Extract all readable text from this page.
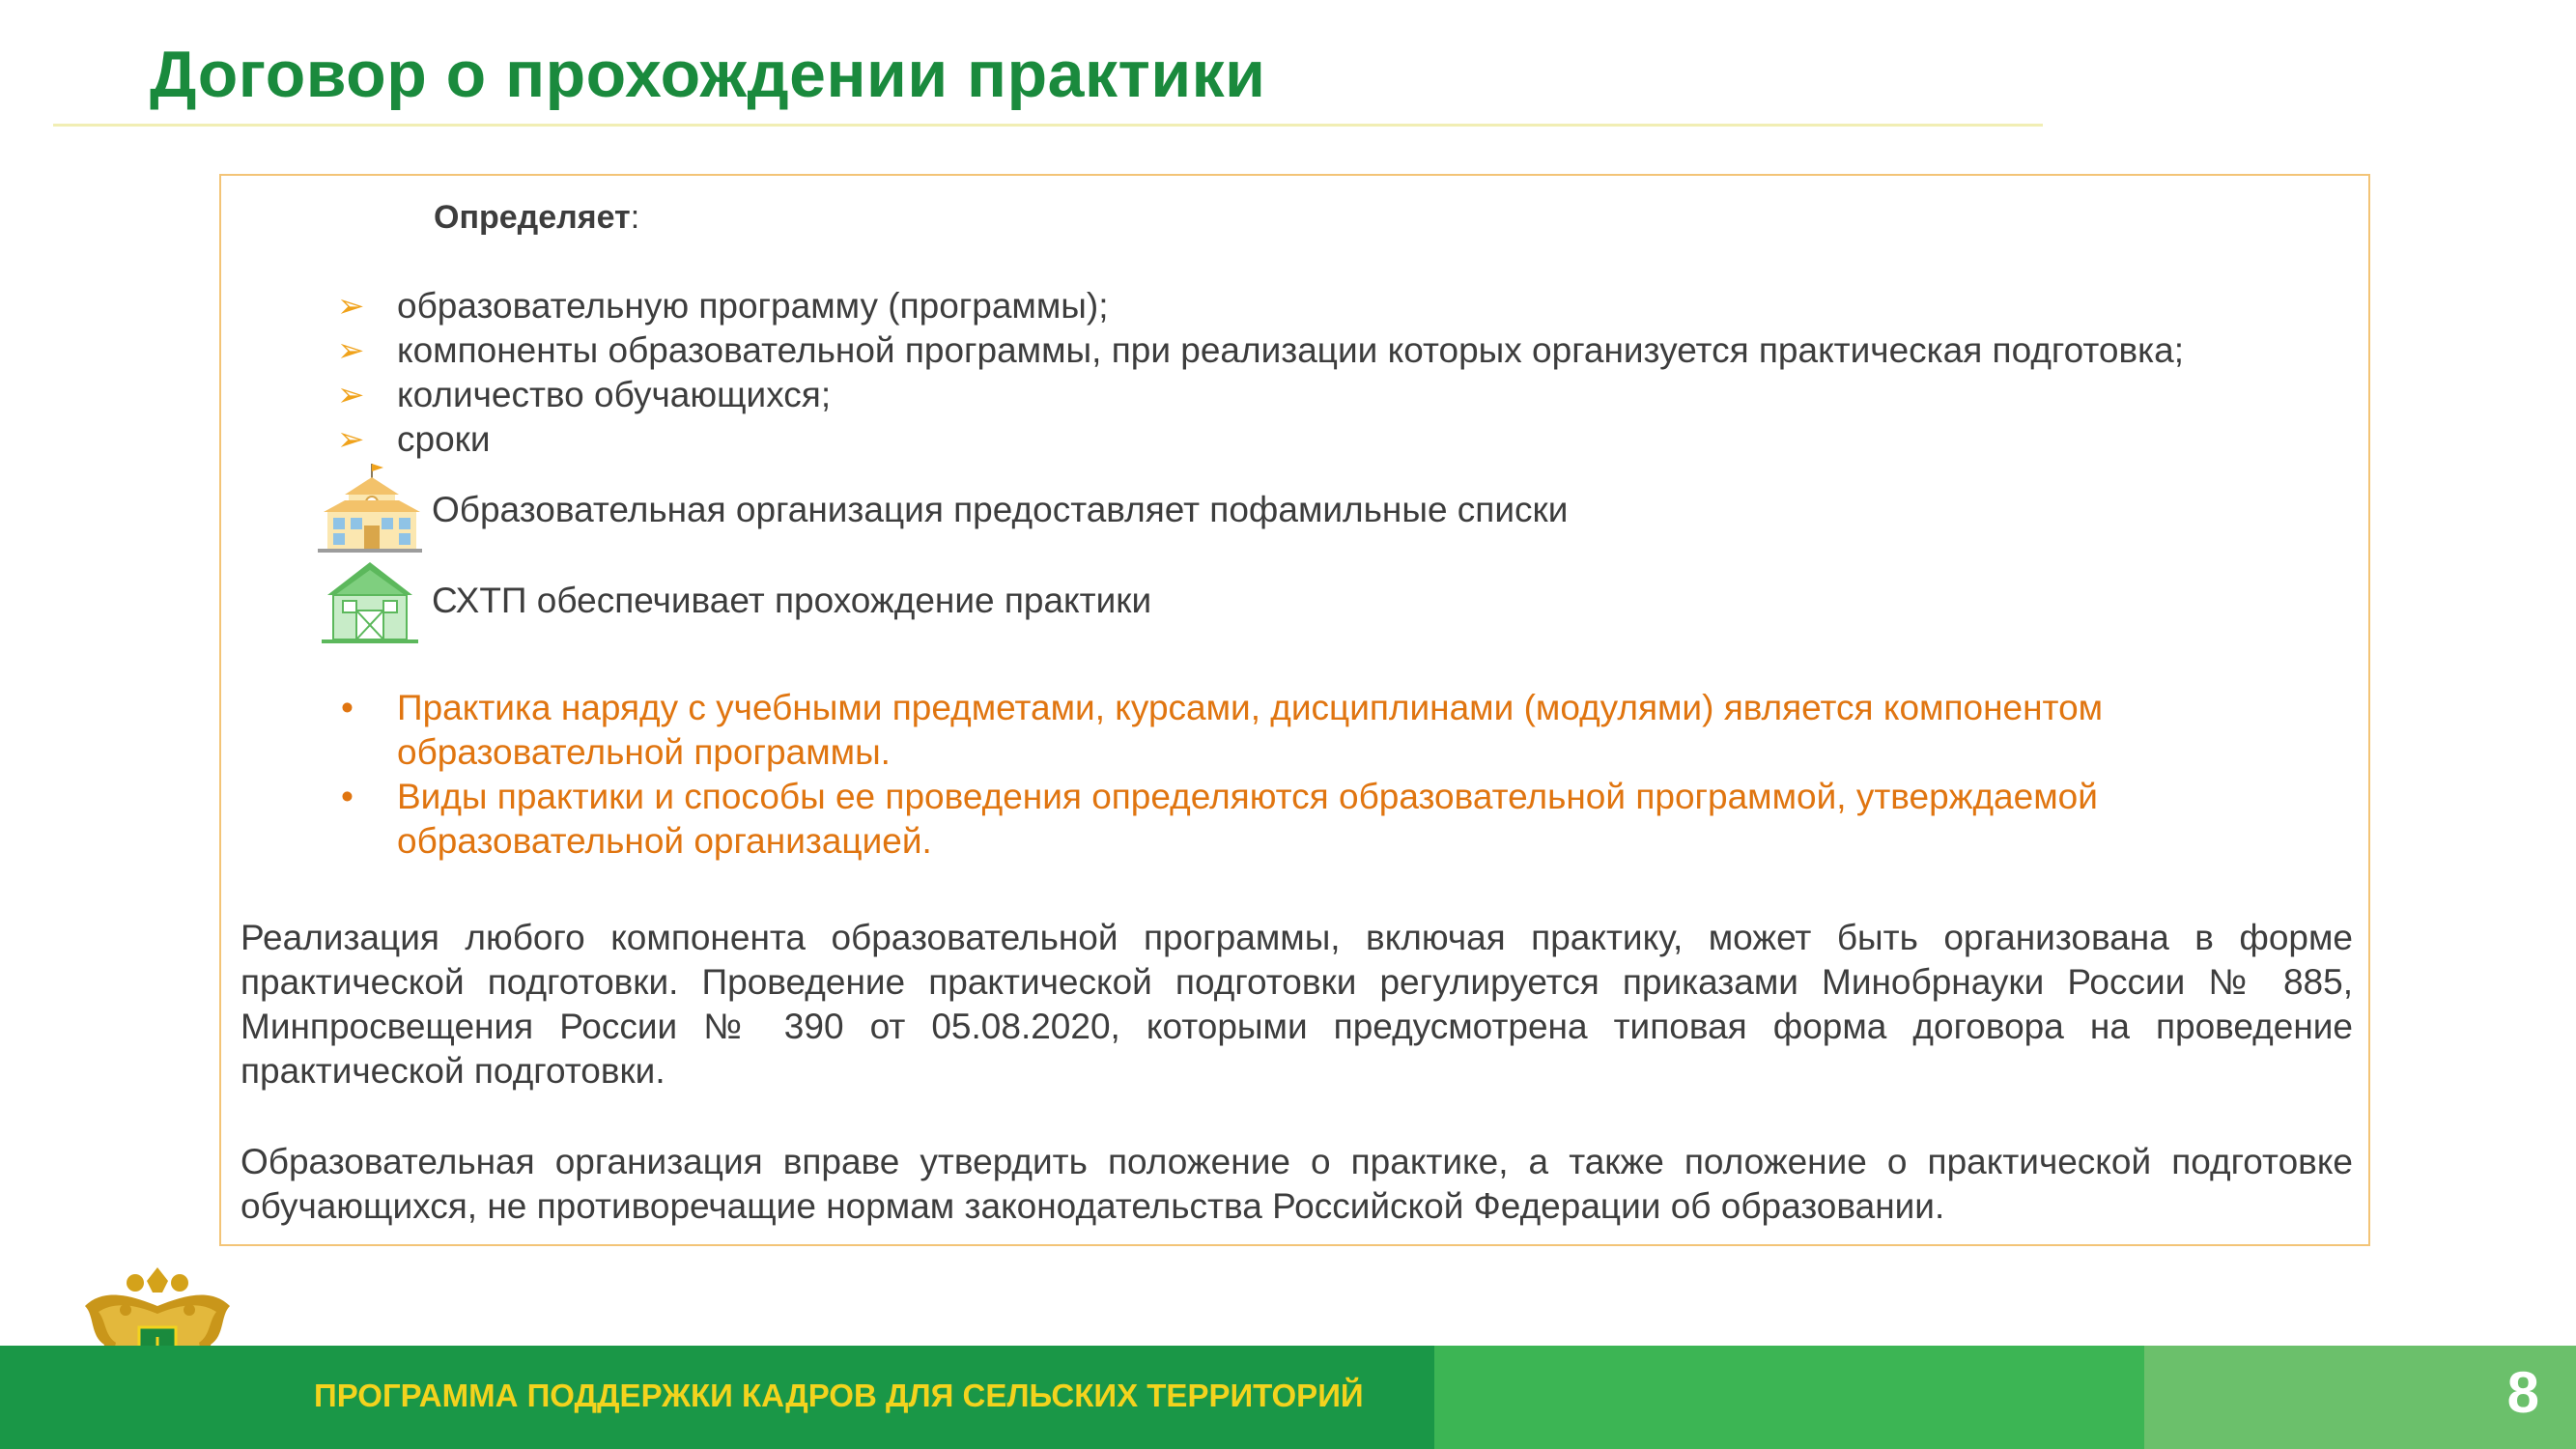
Договор о прохождении практики

Определяет:

➢ образовательную программу (программы);
➢ компоненты образовательной программы, при реализации которых организуется практическая подготовка;
➢ количество обучающихся;
➢ сроки
Образовательная организация предоставляет пофамильные списки
СХТП обеспечивает прохождение практики
• Практика наряду с учебными предметами, курсами, дисциплинами (модулями) является компонентом образовательной программы.
• Виды практики и способы ее проведения определяются образовательной программой, утверждаемой образовательной организацией.

Реализация любого компонента образовательной программы, включая практику, может быть организована в форме практической подготовки. Проведение практической подготовки регулируется приказами Минобрнауки России № 885, Минпросвещения России № 390 от 05.08.2020, которыми предусмотрена типовая форма договора на проведение практической подготовки.

Образовательная организация вправе утвердить положение о практике, а также положение о практической подготовке обучающихся, не противоречащие нормам законодательства Российской Федерации об образовании.

ПРОГРАММА ПОДДЕРЖКИ КАДРОВ ДЛЯ СЕЛЬСКИХ ТЕРРИТОРИЙ	8
